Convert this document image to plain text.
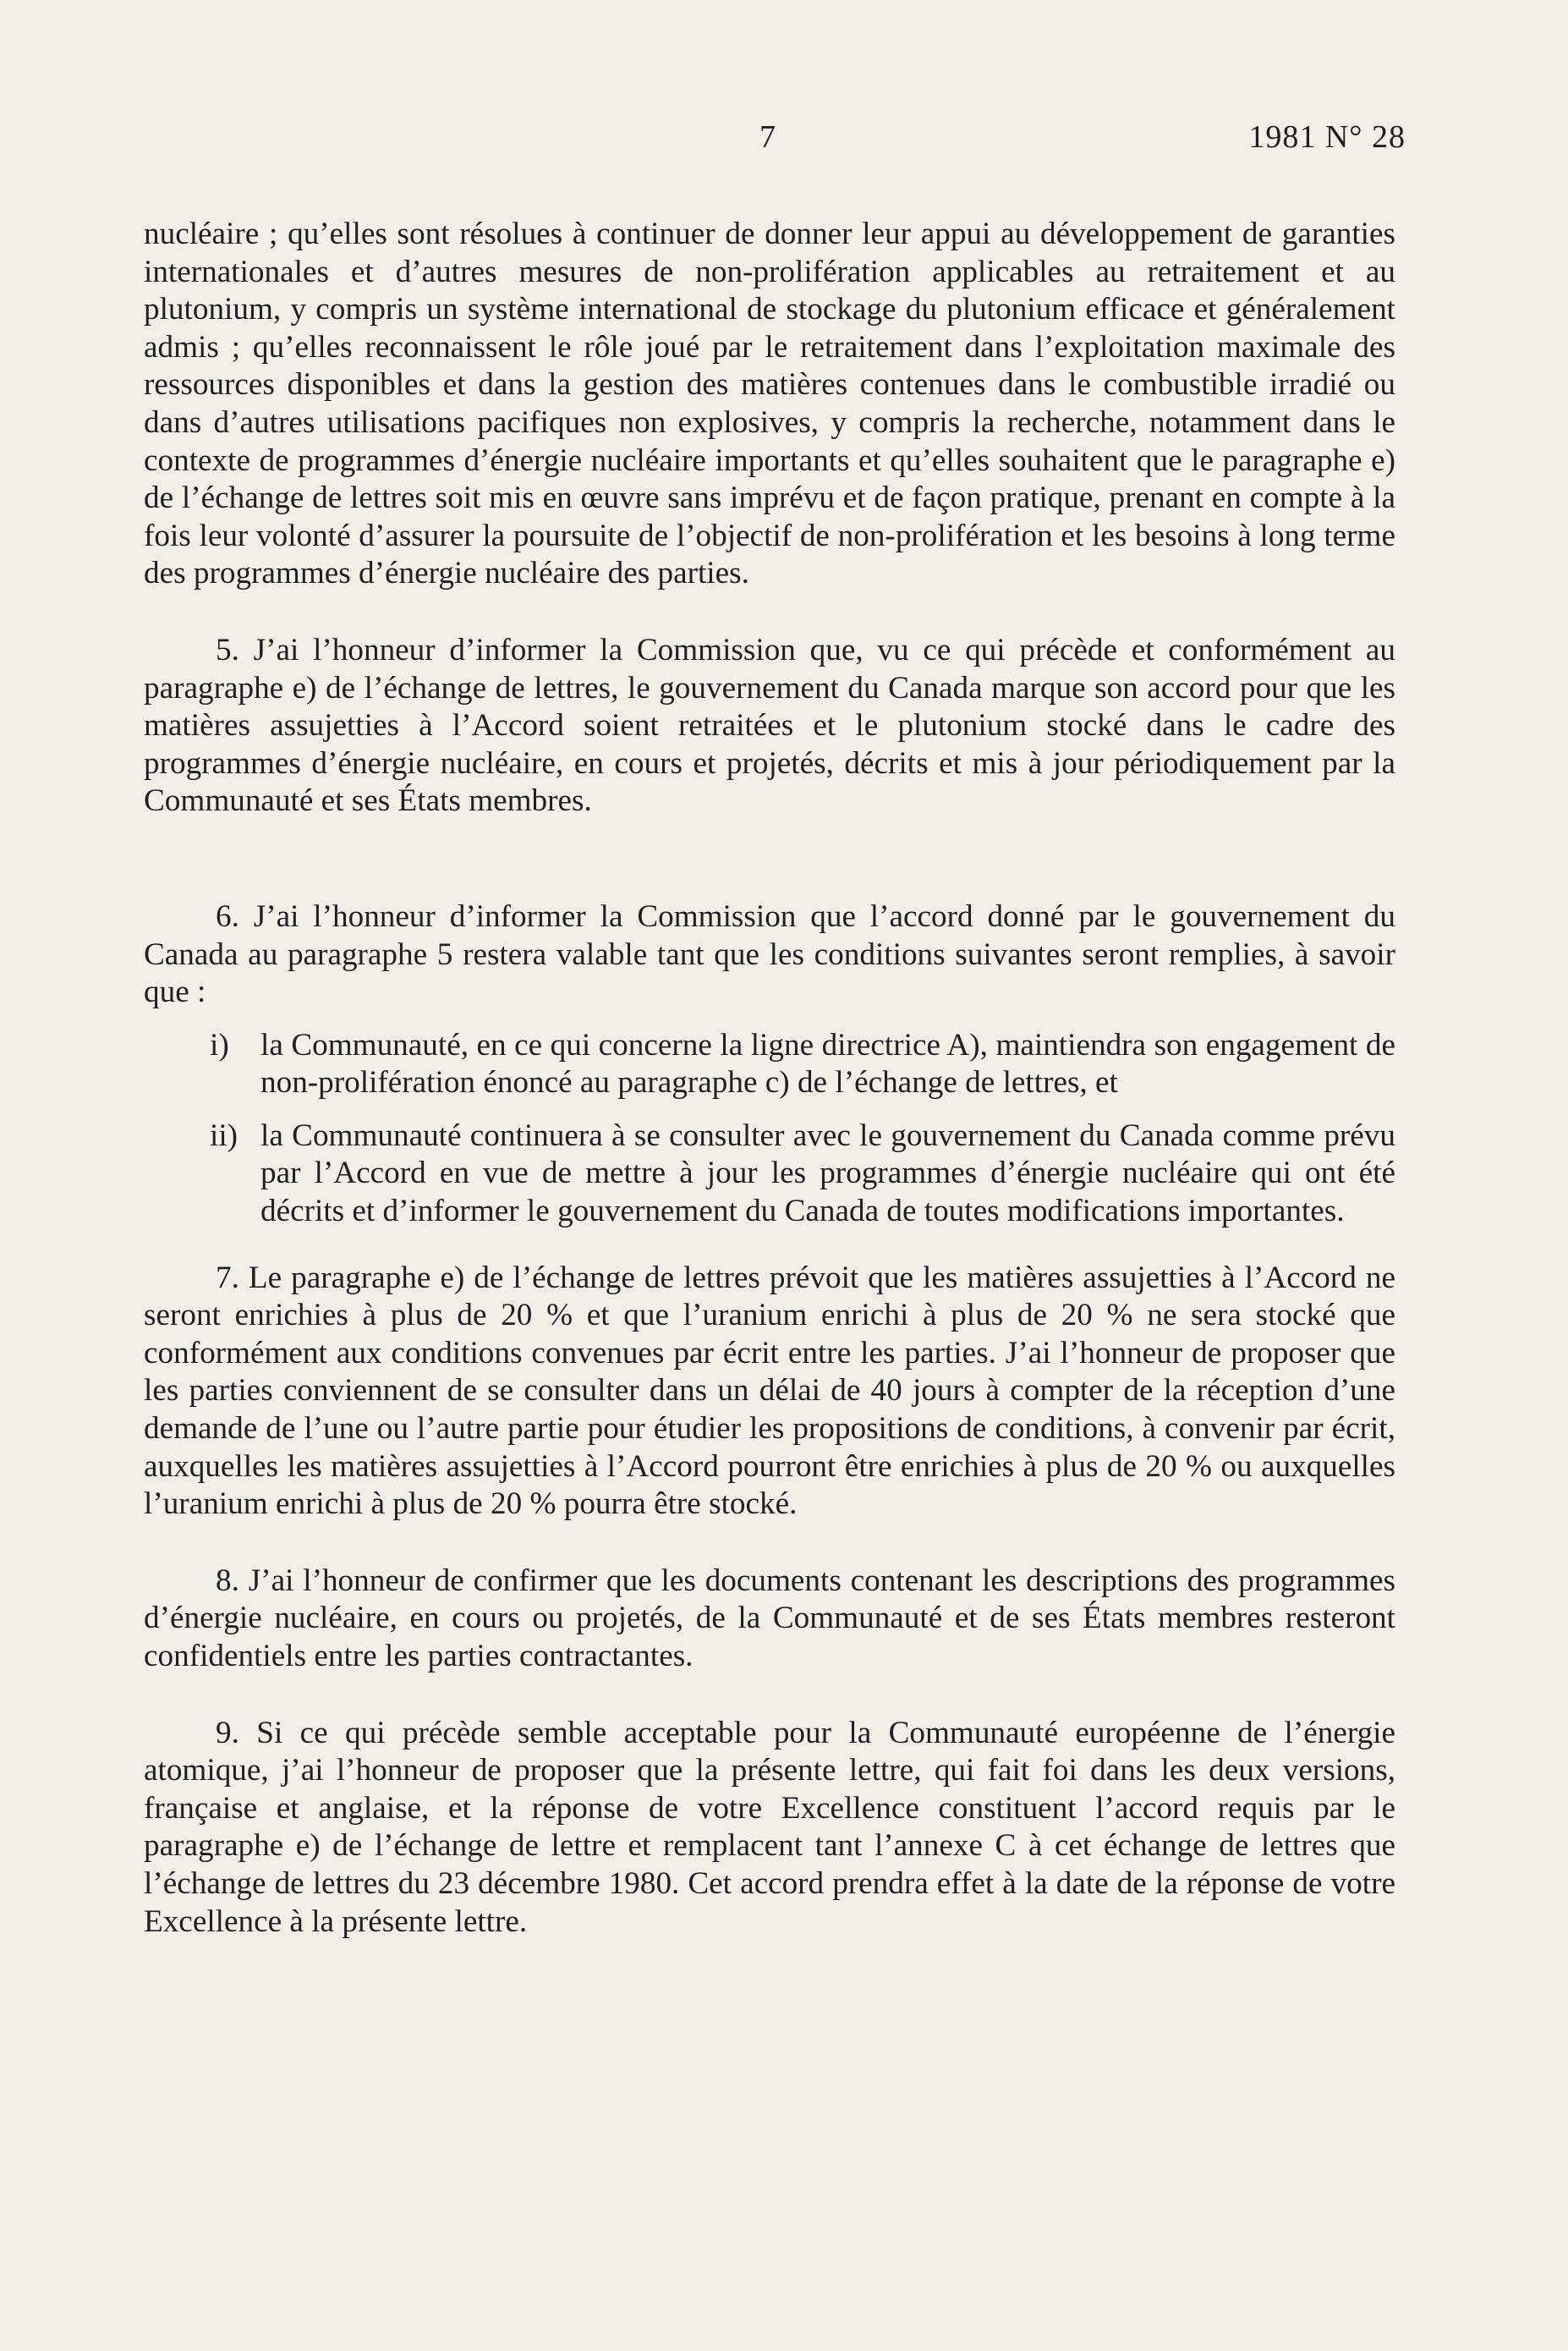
7	1981 N° 28

nucléaire ; qu’elles sont résolues à continuer de donner leur appui au développement de garanties internationales et d’autres mesures de non-prolifération applicables au retraitement et au plutonium, y compris un système international de stockage du plutonium efficace et généralement admis ; qu’elles reconnaissent le rôle joué par le retraitement dans l’exploitation maximale des ressources disponibles et dans la gestion des matières contenues dans le combustible irradié ou dans d’autres utilisations pacifiques non explosives, y compris la recherche, notamment dans le contexte de programmes d’énergie nucléaire importants et qu’elles souhaitent que le paragraphe e) de l’échange de lettres soit mis en œuvre sans imprévu et de façon pratique, prenant en compte à la fois leur volonté d’assurer la poursuite de l’objectif de non-prolifération et les besoins à long terme des programmes d’énergie nucléaire des parties.

5. J’ai l’honneur d’informer la Commission que, vu ce qui précède et conformément au paragraphe e) de l’échange de lettres, le gouvernement du Canada marque son accord pour que les matières assujetties à l’Accord soient retraitées et le plutonium stocké dans le cadre des programmes d’énergie nucléaire, en cours et projetés, décrits et mis à jour périodiquement par la Communauté et ses États membres.

6. J’ai l’honneur d’informer la Commission que l’accord donné par le gouvernement du Canada au paragraphe 5 restera valable tant que les conditions suivantes seront remplies, à savoir que :

i) la Communauté, en ce qui concerne la ligne directrice A), maintiendra son engagement de non-prolifération énoncé au paragraphe c) de l’échange de lettres, et
ii) la Communauté continuera à se consulter avec le gouvernement du Canada comme prévu par l’Accord en vue de mettre à jour les programmes d’énergie nucléaire qui ont été décrits et d’informer le gouvernement du Canada de toutes modifications importantes.

7. Le paragraphe e) de l’échange de lettres prévoit que les matières assujetties à l’Accord ne seront enrichies à plus de 20 % et que l’uranium enrichi à plus de 20 % ne sera stocké que conformément aux conditions convenues par écrit entre les parties. J’ai l’honneur de proposer que les parties conviennent de se consulter dans un délai de 40 jours à compter de la réception d’une demande de l’une ou l’autre partie pour étudier les propositions de conditions, à convenir par écrit, auxquelles les matières assujetties à l’Accord pourront être enrichies à plus de 20 % ou auxquelles l’uranium enrichi à plus de 20 % pourra être stocké.

8. J’ai l’honneur de confirmer que les documents contenant les descriptions des programmes d’énergie nucléaire, en cours ou projetés, de la Communauté et de ses États membres resteront confidentiels entre les parties contractantes.

9. Si ce qui précède semble acceptable pour la Communauté européenne de l’énergie atomique, j’ai l’honneur de proposer que la présente lettre, qui fait foi dans les deux versions, française et anglaise, et la réponse de votre Excellence constituent l’accord requis par le paragraphe e) de l’échange de lettre et remplacent tant l’annexe C à cet échange de lettres que l’échange de lettres du 23 décembre 1980. Cet accord prendra effet à la date de la réponse de votre Excellence à la présente lettre.
